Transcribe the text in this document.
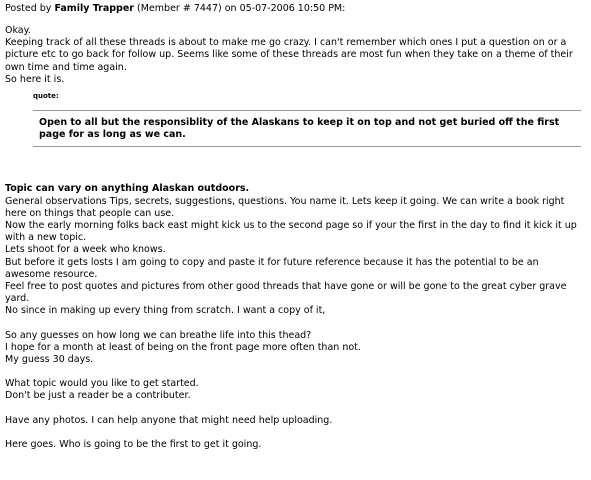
Posted by Family Trapper (Member # 7447) on 05-07-2006 10:50 PM:

Okay.

Keeping track of all these threads is about to make me go crazy. I can't remember which ones I put a question on or a picture etc to go back for follow up. Seems like some of these threads are most fun when they take on a theme of their own time and time again.

So here it is.

quote:

Open to all but the responsiblity of the Alaskans to keep it on top and not get buried off the first page for as long as we can.

Topic can vary on anything Alaskan outdoors.

General observations Tips, secrets, suggestions, questions. You name it. Lets keep it going. We can write a book right here on things that people can use.

Now the early morning folks back east might kick us to the second page so if your the first in the day to find it kick it up with a new topic.

Lets shoot for a week who knows.

But before it gets losts I am going to copy and paste it for future reference because it has the potential to be an awesome resource.

Feel free to post quotes and pictures from other good threads that have gone or will be gone to the great cyber grave yard.

No since in making up every thing from scratch. I want a copy of it,

So any guesses on how long we can breathe life into this thead?

I hope for a month at least of being on the front page more often than not.

My guess 30 days.

What topic would you like to get started.

Don't be just a reader be a contributer.

Have any photos. I can help anyone that might need help uploading.

Here goes. Who is going to be the first to get it going.
